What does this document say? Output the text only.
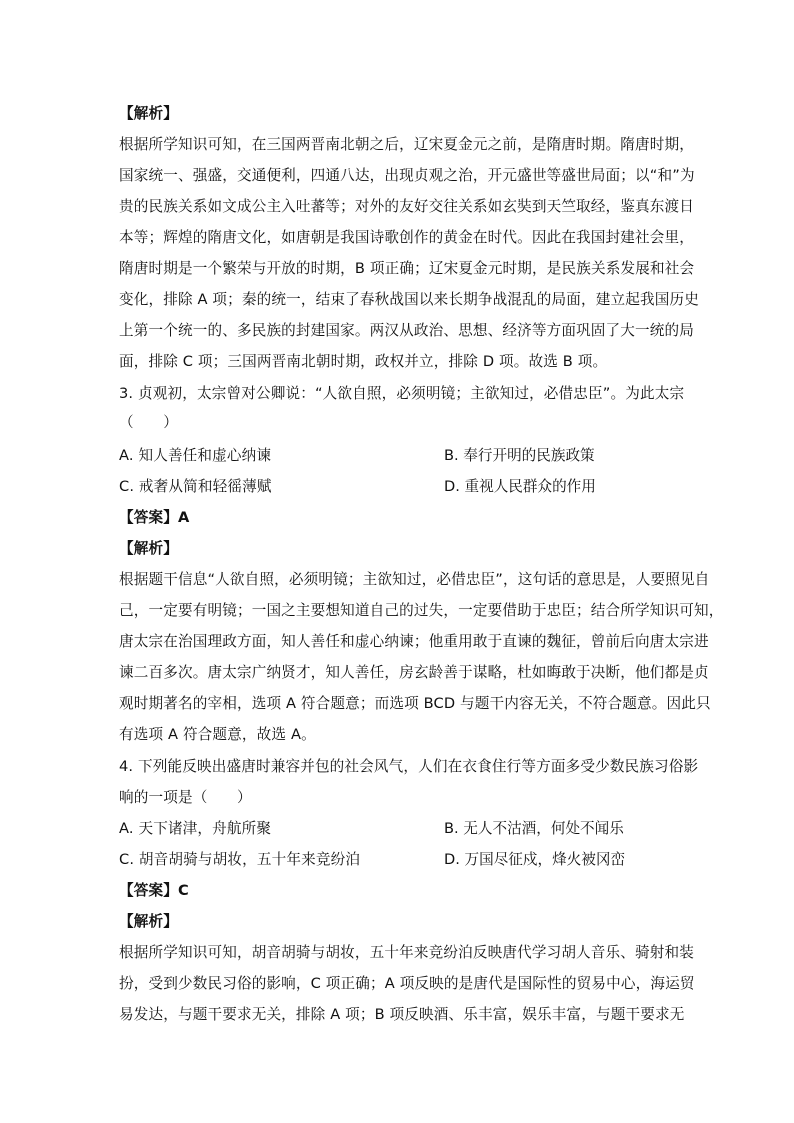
【解析】
根据所学知识可知，在三国两晋南北朝之后，辽宋夏金元之前，是隋唐时期。隋唐时期，
国家统一、强盛，交通便利，四通八达，出现贞观之治，开元盛世等盛世局面；以“和”为
贵的民族关系如文成公主入吐蕃等；对外的友好交往关系如玄奘到天竺取经，鉴真东渡日
本等；辉煌的隋唐文化，如唐朝是我国诗歌创作的黄金在时代。因此在我国封建社会里，
隋唐时期是一个繁荣与开放的时期，B 项正确；辽宋夏金元时期，是民族关系发展和社会
变化，排除 A 项；秦的统一，结束了春秋战国以来长期争战混乱的局面，建立起我国历史
上第一个统一的、多民族的封建国家。两汉从政治、思想、经济等方面巩固了大一统的局
面，排除 C 项；三国两晋南北朝时期，政权并立，排除 D 项。故选 B 项。
3. 贞观初，太宗曾对公卿说：“人欲自照，必须明镜；主欲知过，必借忠臣”。为此太宗
（　　）
A. 知人善任和虚心纳谏	B. 奉行开明的民族政策
C. 戒奢从简和轻徭薄赋	D. 重视人民群众的作用
【答案】A
【解析】
根据题干信息“人欲自照，必须明镜；主欲知过，必借忠臣”，这句话的意思是，人要照见自
己，一定要有明镜；一国之主要想知道自己的过失，一定要借助于忠臣；结合所学知识可知，
唐太宗在治国理政方面，知人善任和虚心纳谏；他重用敢于直谏的魏征，曾前后向唐太宗进
谏二百多次。唐太宗广纳贤才，知人善任，房玄龄善于谋略，杜如晦敢于决断，他们都是贞
观时期著名的宰相，选项 A 符合题意；而选项 BCD 与题干内容无关，不符合题意。因此只
有选项 A 符合题意，故选 A。
4. 下列能反映出盛唐时兼容并包的社会风气，人们在衣食住行等方面多受少数民族习俗影
响的一项是（　　）
A. 天下诸津，舟航所聚	B. 无人不沽酒，何处不闻乐
C. 胡音胡骑与胡妆，五十年来竞纷泊	D. 万国尽征戍，烽火被冈峦
【答案】C
【解析】
根据所学知识可知，胡音胡骑与胡妆，五十年来竞纷泊反映唐代学习胡人音乐、骑射和装
扮，受到少数民习俗的影响，C 项正确；A 项反映的是唐代是国际性的贸易中心，海运贸
易发达，与题干要求无关，排除 A 项；B 项反映酒、乐丰富，娱乐丰富，与题干要求无
